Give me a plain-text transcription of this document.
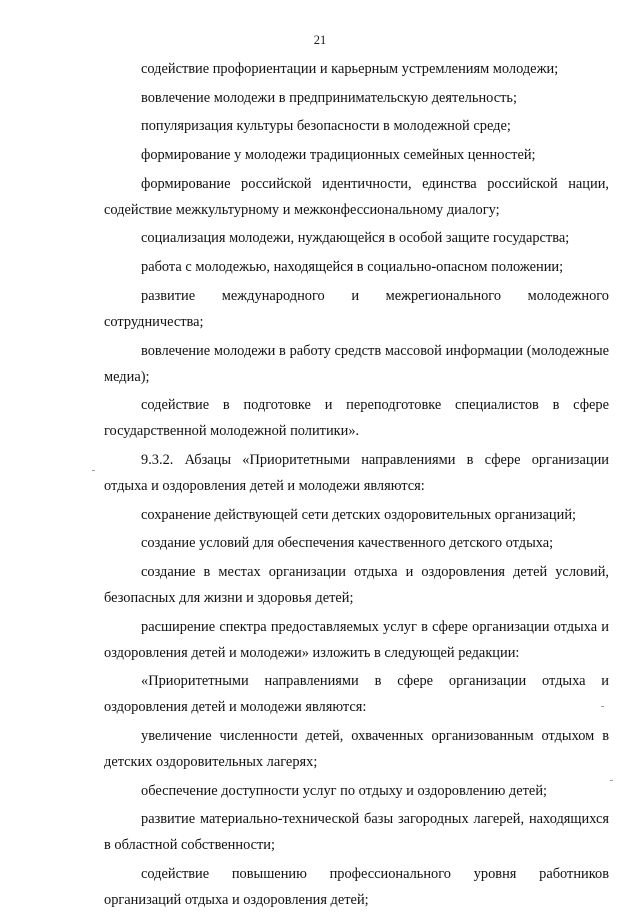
21

содействие профориентации и карьерным устремлениям молодежи;

вовлечение молодежи в предпринимательскую деятельность;

популяризация культуры безопасности в молодежной среде;

формирование у молодежи традиционных семейных ценностей;

формирование российской идентичности, единства российской нации, содействие межкультурному и межконфессиональному диалогу;

социализация молодежи, нуждающейся в особой защите государства;

работа с молодежью, находящейся в социально-опасном положении;

развитие международного и межрегионального молодежного сотрудничества;

вовлечение молодежи в работу средств массовой информации (молодежные медиа);

содействие в подготовке и переподготовке специалистов в сфере государственной молодежной политики».

9.3.2. Абзацы «Приоритетными направлениями в сфере организации отдыха и оздоровления детей и молодежи являются:

сохранение действующей сети детских оздоровительных организаций;

создание условий для обеспечения качественного детского отдыха;

создание в местах организации отдыха и оздоровления детей условий, безопасных для жизни и здоровья детей;

расширение спектра предоставляемых услуг в сфере организации отдыха и оздоровления детей и молодежи» изложить в следующей редакции:

«Приоритетными направлениями в сфере организации отдыха и оздоровления детей и молодежи являются:

увеличение численности детей, охваченных организованным отдыхом в детских оздоровительных лагерях;

обеспечение доступности услуг по отдыху и оздоровлению детей;

развитие материально-технической базы загородных лагерей, находящихся в областной собственности;

содействие повышению профессионального уровня работников организаций отдыха и оздоровления детей;
